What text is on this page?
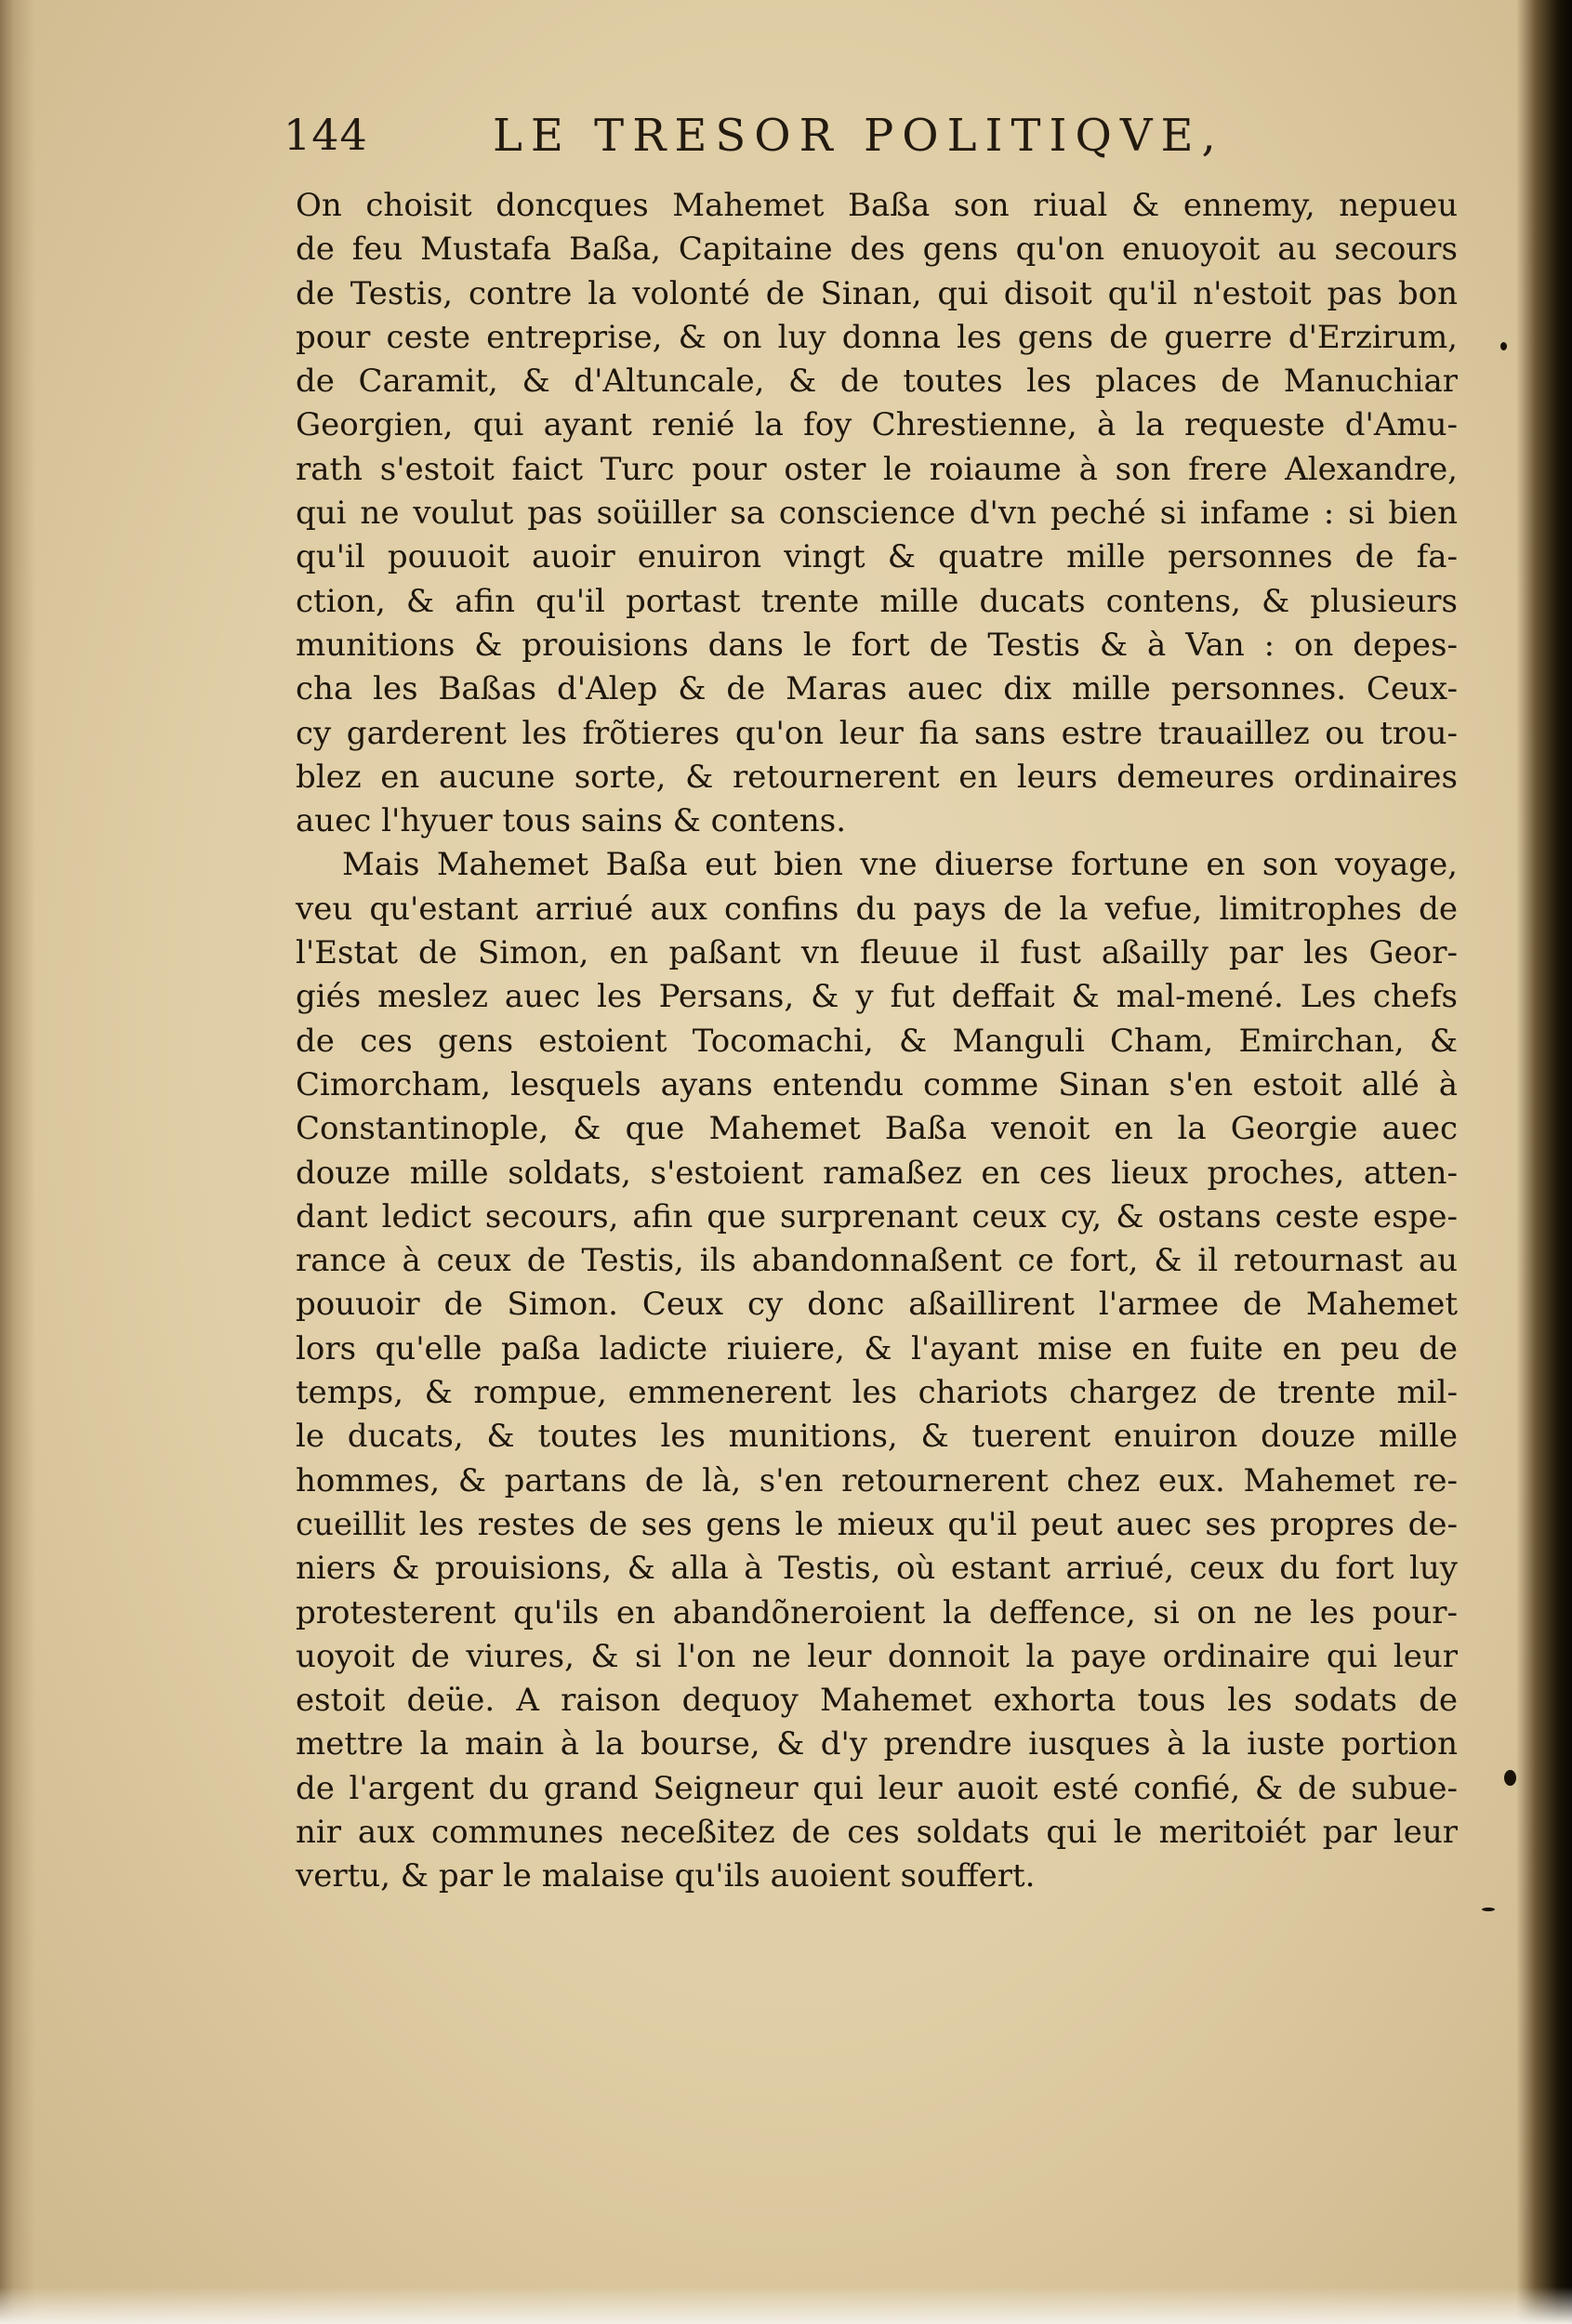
144	LE TRESOR POLITIQVE,
On choisit doncques Mahemet Baßa son riual & ennemy, nepueu
de feu Mustafa Baßa, Capitaine des gens qu'on enuoyoit au secours
de Testis, contre la volonté de Sinan, qui disoit qu'il n'estoit pas bon
pour ceste entreprise, & on luy donna les gens de guerre d'Erzirum,
de Caramit, & d'Altuncale, & de toutes les places de Manuchiar
Georgien, qui ayant renié la foy Chrestienne, à la requeste d'Amu-
rath s'estoit faict Turc pour oster le roiaume à son frere Alexandre,
qui ne voulut pas soüiller sa conscience d'vn peché si infame : si bien
qu'il pouuoit auoir enuiron vingt & quatre mille personnes de fa-
ction, & afin qu'il portast trente mille ducats contens, & plusieurs
munitions & prouisions dans le fort de Testis & à Van : on depes-
cha les Baßas d'Alep & de Maras auec dix mille personnes. Ceux-
cy garderent les frõtieres qu'on leur fia sans estre trauaillez ou trou-
blez en aucune sorte, & retournerent en leurs demeures ordinaires
auec l'hyuer tous sains & contens.
Mais Mahemet Baßa eut bien vne diuerse fortune en son voyage,
veu qu'estant arriué aux confins du pays de la vefue, limitrophes de
l'Estat de Simon, en paßant vn fleuue il fust aßailly par les Geor-
giés meslez auec les Persans, & y fut deffait & mal-mené. Les chefs
de ces gens estoient Tocomachi, & Manguli Cham, Emirchan, &
Cimorcham, lesquels ayans entendu comme Sinan s'en estoit allé à
Constantinople, & que Mahemet Baßa venoit en la Georgie auec
douze mille soldats, s'estoient ramaßez en ces lieux proches, atten-
dant ledict secours, afin que surprenant ceux cy, & ostans ceste espe-
rance à ceux de Testis, ils abandonnaßent ce fort, & il retournast au
pouuoir de Simon. Ceux cy donc aßaillirent l'armee de Mahemet
lors qu'elle paßa ladicte riuiere, & l'ayant mise en fuite en peu de
temps, & rompue, emmenerent les chariots chargez de trente mil-
le ducats, & toutes les munitions, & tuerent enuiron douze mille
hommes, & partans de là, s'en retournerent chez eux. Mahemet re-
cueillit les restes de ses gens le mieux qu'il peut auec ses propres de-
niers & prouisions, & alla à Testis, où estant arriué, ceux du fort luy
protesterent qu'ils en abandõneroient la deffence, si on ne les pour-
uoyoit de viures, & si l'on ne leur donnoit la paye ordinaire qui leur
estoit deüe. A raison dequoy Mahemet exhorta tous les sodats de
mettre la main à la bourse, & d'y prendre iusques à la iuste portion
de l'argent du grand Seigneur qui leur auoit esté confié, & de subue-
nir aux communes neceßitez de ces soldats qui le meritoiét par leur
vertu, & par le malaise qu'ils auoient souffert.
